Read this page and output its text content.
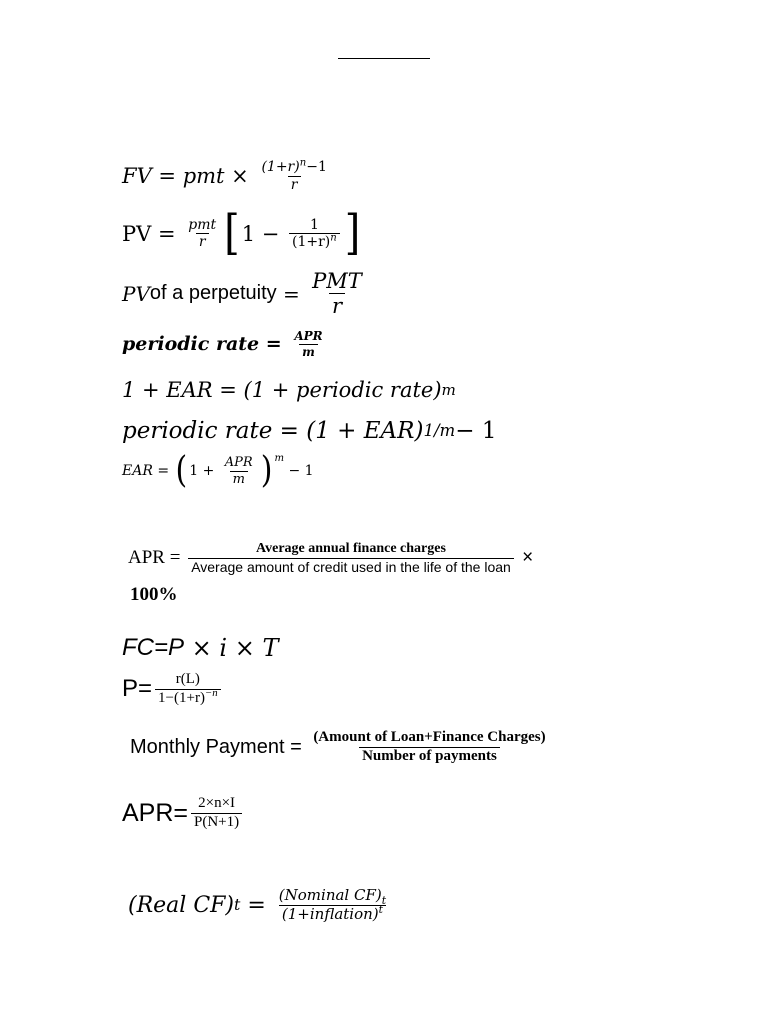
FV = pmt × $\frac{(1+r)^n-1}{r}$
PV = $\frac{\text{pmt}}{r}$ [ $1 - \frac{1}{(1+r)^n}$ ]
PV of a perpetuity = $\frac{\text{PMT}}{r}$
periodic rate = $\frac{\text{APR}}{m}$
1 + EAR = (1 + periodic rate) m
periodic rate = (1 + EAR) 1/m − 1
EAR = ( $1 + \frac{\text{APR}}{m} )^m$
− 1
APR = $\frac{\text{Average annual finance charges}}{\text{Average amount of credit used in the life of the loan}}$ ×
100%
FC=P × i × T
$P= \frac{r(L)}{1-(1+r)^{-n}}$
Monthly Payment = $\frac{\text{(Amount of Loan+Finance Charges)}}{\text{Number of payments}}$
$APR= \frac{2\times n\times I}{P(N+1)}$
(Real CF) $t = \frac{(Nominal CF)_t}{(1+inflation)^t}$
